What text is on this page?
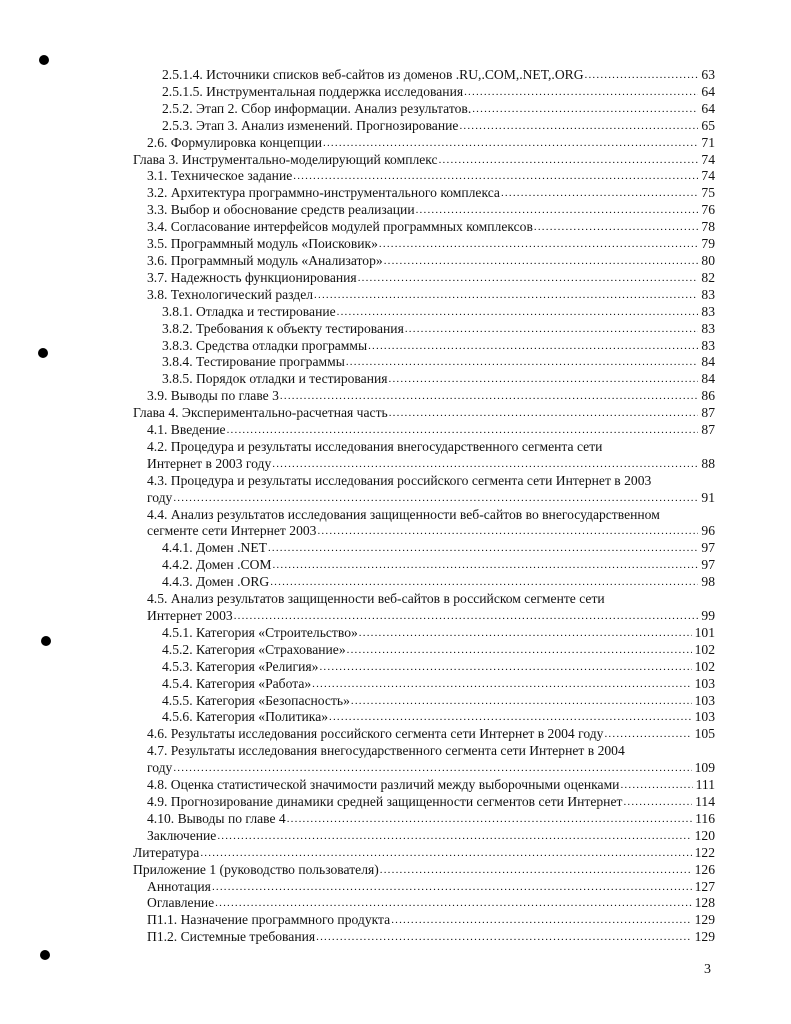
2.5.1.4. Источники списков веб-сайтов из доменов .RU,.COM,.NET,.ORG .....	63
2.5.1.5. Инструментальная поддержка исследования .....	64
2.5.2. Этап 2. Сбор информации. Анализ результатов. .....	64
2.5.3. Этап 3. Анализ изменений. Прогнозирование .....	65
2.6. Формулировка концепции .....	71
Глава 3. Инструментально-моделирующий комплекс .....	74
3.1. Техническое задание .....	74
3.2. Архитектура программно-инструментального комплекса .....	75
3.3. Выбор и обоснование средств реализации .....	76
3.4. Согласование интерфейсов модулей программных комплексов .....	78
3.5. Программный модуль «Поисковик» .....	79
3.6. Программный модуль «Анализатор» .....	80
3.7. Надежность функционирования .....	82
3.8. Технологический раздел .....	83
3.8.1. Отладка и тестирование .....	83
3.8.2. Требования к объекту тестирования .....	83
3.8.3. Средства отладки программы .....	83
3.8.4. Тестирование программы .....	84
3.8.5. Порядок отладки и тестирования .....	84
3.9. Выводы по главе 3 .....	86
Глава 4. Экспериментально-расчетная часть .....	87
4.1. Введение .....	87
4.2. Процедура и результаты исследования внегосударственного сегмента сети
Интернет в 2003 году .....	88
4.3. Процедура и результаты исследования российского сегмента сети Интернет в 2003
году .....	91
4.4. Анализ результатов исследования защищенности веб-сайтов во внегосударственном
сегменте сети Интернет 2003 .....	96
4.4.1. Домен .NET .....	97
4.4.2. Домен .COM .....	97
4.4.3. Домен .ORG .....	98
4.5. Анализ результатов защищенности веб-сайтов в российском сегменте сети
Интернет 2003 .....	99
4.5.1. Категория «Строительство» .....	101
4.5.2. Категория «Страхование» .....	102
4.5.3. Категория «Религия» .....	102
4.5.4. Категория «Работа» .....	103
4.5.5. Категория «Безопасность» .....	103
4.5.6. Категория «Политика» .....	103
4.6. Результаты исследования российского сегмента сети Интернет в 2004 году .....	105
4.7. Результаты исследования внегосударственного сегмента сети Интернет в 2004
году .....	109
4.8. Оценка статистической значимости различий между выборочными оценками .....	111
4.9. Прогнозирование динамики средней защищенности сегментов сети Интернет .....	114
4.10. Выводы по главе 4 .....	116
Заключение .....	120
Литература .....	122
Приложение 1 (руководство пользователя) .....	126
Аннотация .....	127
Оглавление .....	128
П1.1. Назначение программного продукта .....	129
П1.2. Системные требования .....	129
3
